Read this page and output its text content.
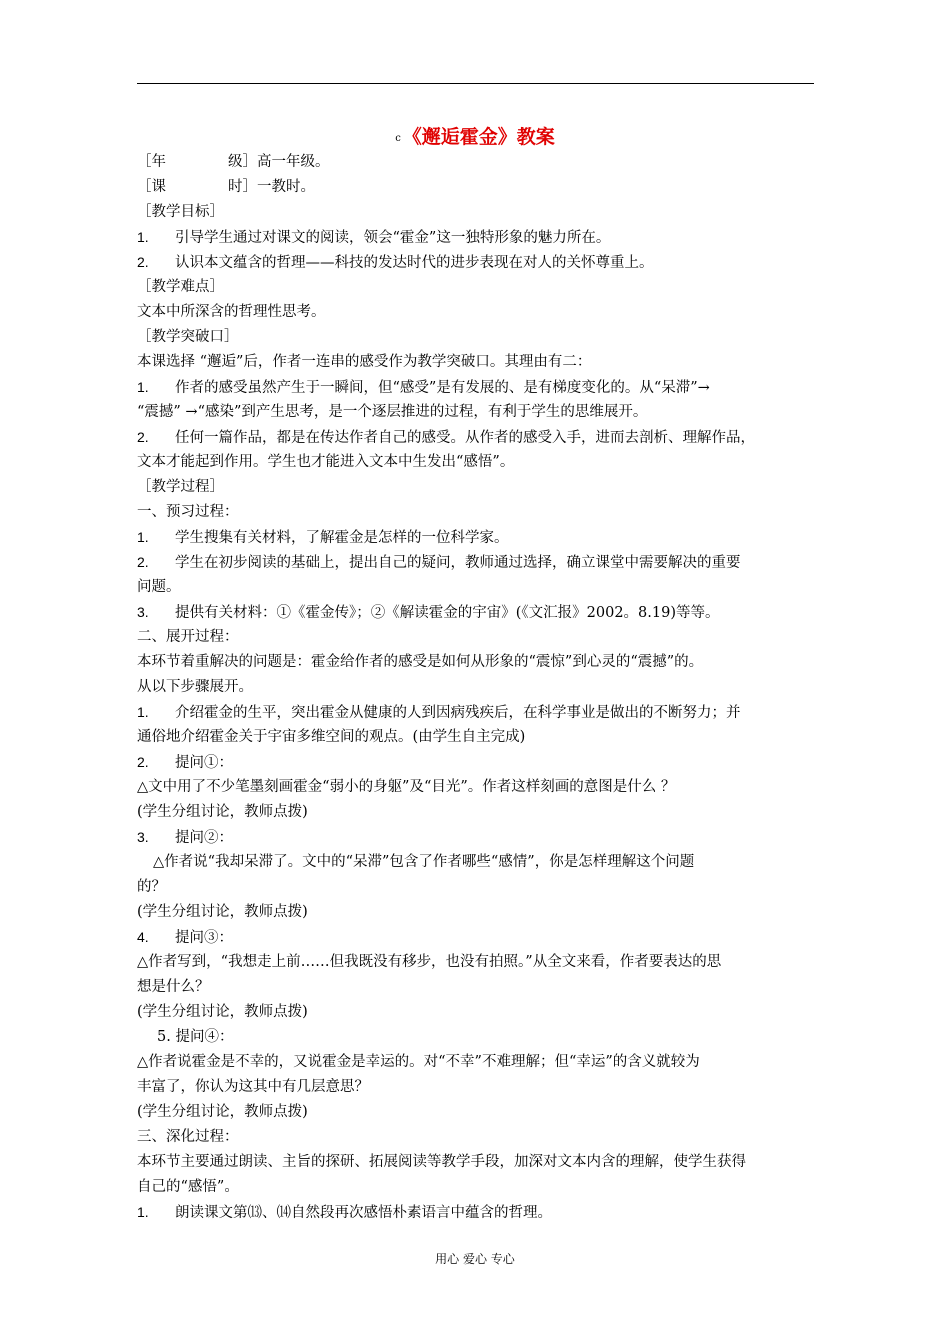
c 《邂逅霍金》教案
［年	级］高一年级。
［课	时］一教时。
［教学目标］
1. 引导学生通过对课文的阅读，领会“霍金”这一独特形象的魅力所在。
2. 认识本文蕴含的哲理——科技的发达时代的进步表现在对人的关怀尊重上。
［教学难点］
文本中所深含的哲理性思考。
［教学突破口］
本课选择 “邂逅”后，作者一连串的感受作为教学突破口。其理由有二：
1. 作者的感受虽然产生于一瞬间，但“感受”是有发展的、是有梯度变化的。从“呆滞”→
“震撼” →“感染”到产生思考，是一个逐层推进的过程，有利于学生的思维展开。
2. 任何一篇作品，都是在传达作者自己的感受。从作者的感受入手，进而去剖析、理解作品，
文本才能起到作用。学生也才能进入文本中生发出“感悟”。
［教学过程］
一、预习过程：
1. 学生搜集有关材料，了解霍金是怎样的一位科学家。
2. 学生在初步阅读的基础上，提出自己的疑问，教师通过选择，确立课堂中需要解决的重要
问题。
3. 提供有关材料：①《霍金传》；②《解读霍金的宇宙》(《文汇报》2002。8.19)等等。
二、展开过程：
本环节着重解决的问题是：霍金给作者的感受是如何从形象的“震惊”到心灵的“震撼”的。
从以下步骤展开。
1. 介绍霍金的生平，突出霍金从健康的人到因病残疾后，在科学事业是做出的不断努力；并
通俗地介绍霍金关于宇宙多维空间的观点。(由学生自主完成)
2. 提问①：
△文中用了不少笔墨刻画霍金“弱小的身躯”及“目光”。作者这样刻画的意图是什么 ？
(学生分组讨论，教师点拨)
3. 提问②：
△作者说“我却呆滞了。文中的“呆滞”包含了作者哪些“感情”，你是怎样理解这个问题
的？
(学生分组讨论，教师点拨)
4. 提问③：
△作者写到，“我想走上前……但我既没有移步，也没有拍照。”从全文来看，作者要表达的思
想是什么？
(学生分组讨论，教师点拨)
5. 提问④：
△作者说霍金是不幸的，又说霍金是幸运的。对“不幸”不难理解；但“幸运”的含义就较为
丰富了，你认为这其中有几层意思？
(学生分组讨论，教师点拨)
三、深化过程：
本环节主要通过朗读、主旨的探研、拓展阅读等教学手段，加深对文本内含的理解，使学生获得
自己的“感悟”。
1. 朗读课文第⒀、⒁自然段再次感悟朴素语言中蕴含的哲理。
用心 爱心 专心
